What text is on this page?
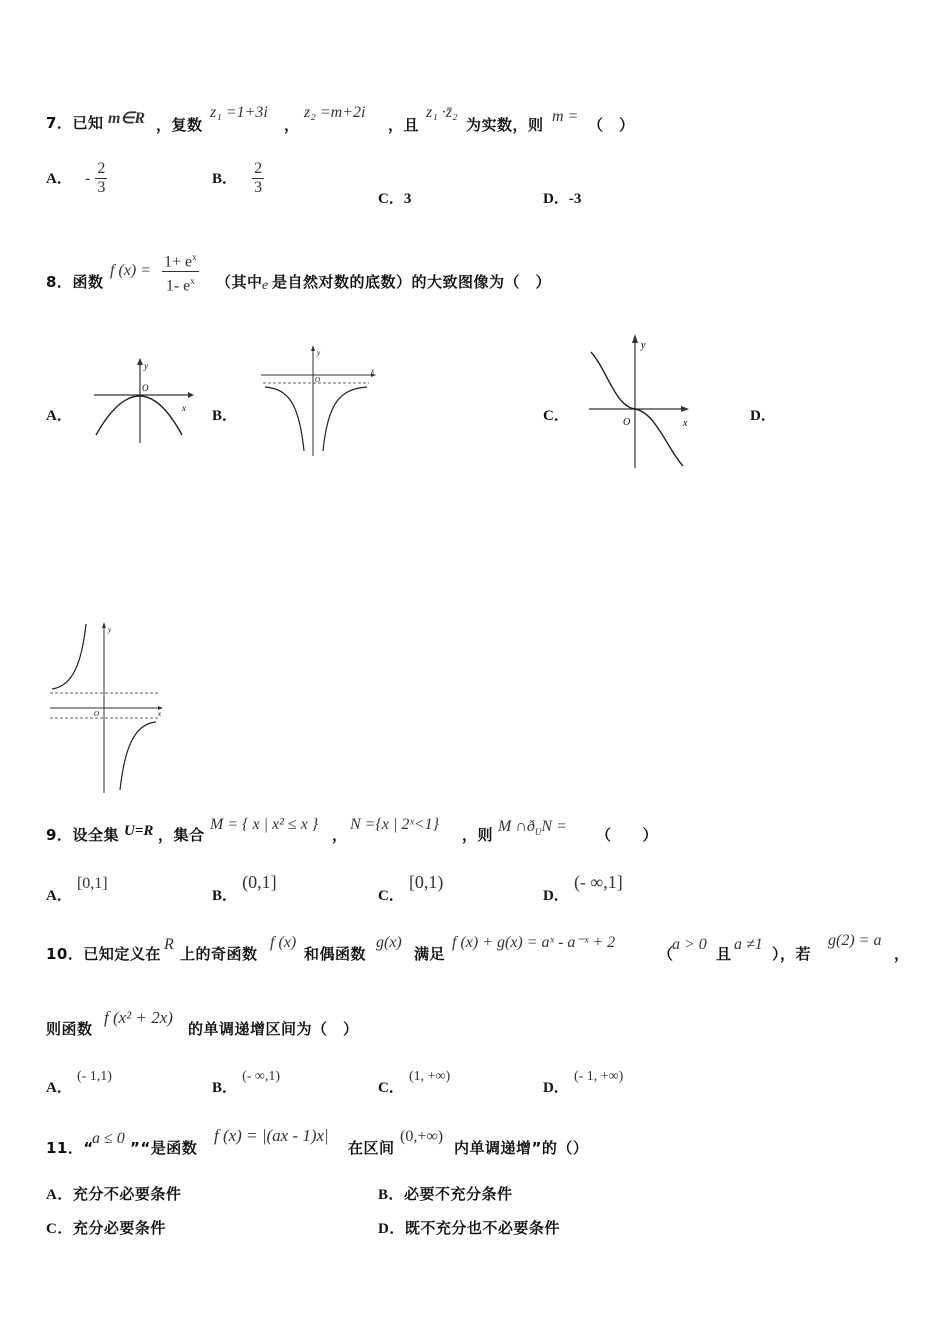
7．已知 m∈R ，复数
z₁ =1+3i
，
z₂ =m+2i
，且
z₁ ·z̄₂
为实数，则 m = （　）
A． - $\frac{2}{3}$	B． $\frac{2}{3}$
C．3	D．-3
8．函数
f $(x) = \frac{1+ e^x}{1- e^x}$ （其中 e 是自然对数的底数）的大致图像为（　）
A．	B．	C．	D．
y
x
O
y
x
O
y
x
O
y
x
O
9．设全集 U=R ，集合
M = { x | x² ≤ x }
，
N ={x | 2ˣ<1}
，则 M $\cap ð_UN$ = （　　）
A． [0,1]
B． (0,1]
C． [0,1)
D． (- ∞,1]
10．已知定义在
R
上的奇函数
f (x)
和偶函数
g(x)
满足
f (x) + g(x) = aˣ - a⁻ˣ + 2
（
a > 0
且
a ≠1
），若
g(2) = a
，
则函数
f (x² + 2x)
的单调递增区间为（　）
A． (- 1,1)
B． (- ∞,1)
C． (1, +∞)
D． (- 1, +∞)
11．“
a ≤ 0
”“是函数
f (x) = |(ax - 1)x|
在区间
(0,+∞)
内单调递增”的（）
A．充分不必要条件	B．必要不充分条件
C．充分必要条件	D．既不充分也不必要条件
